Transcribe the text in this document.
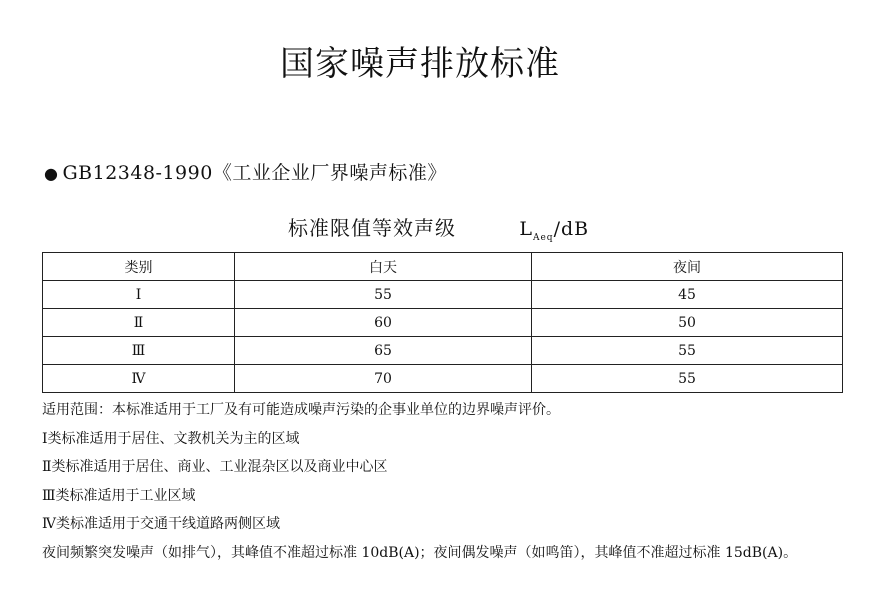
国家噪声排放标准
● GB12348-1990《工业企业厂界噪声标准》
标准限值等效声级	$L_{Aeq}/dB$
类别	白天	夜间
Ⅰ	55	45
Ⅱ	60	50
Ⅲ	65	55
Ⅳ	70	55

适用范围：本标准适用于工厂及有可能造成噪声污染的企事业单位的边界噪声评价。

Ⅰ类标准适用于居住、文教机关为主的区域

Ⅱ类标准适用于居住、商业、工业混杂区以及商业中心区

Ⅲ类标准适用于工业区域

Ⅳ类标准适用于交通干线道路两侧区域

夜间频繁突发噪声（如排气），其峰值不准超过标准 10dB(A)；夜间偶发噪声（如鸣笛），其峰值不准超过标准 15dB(A)。
